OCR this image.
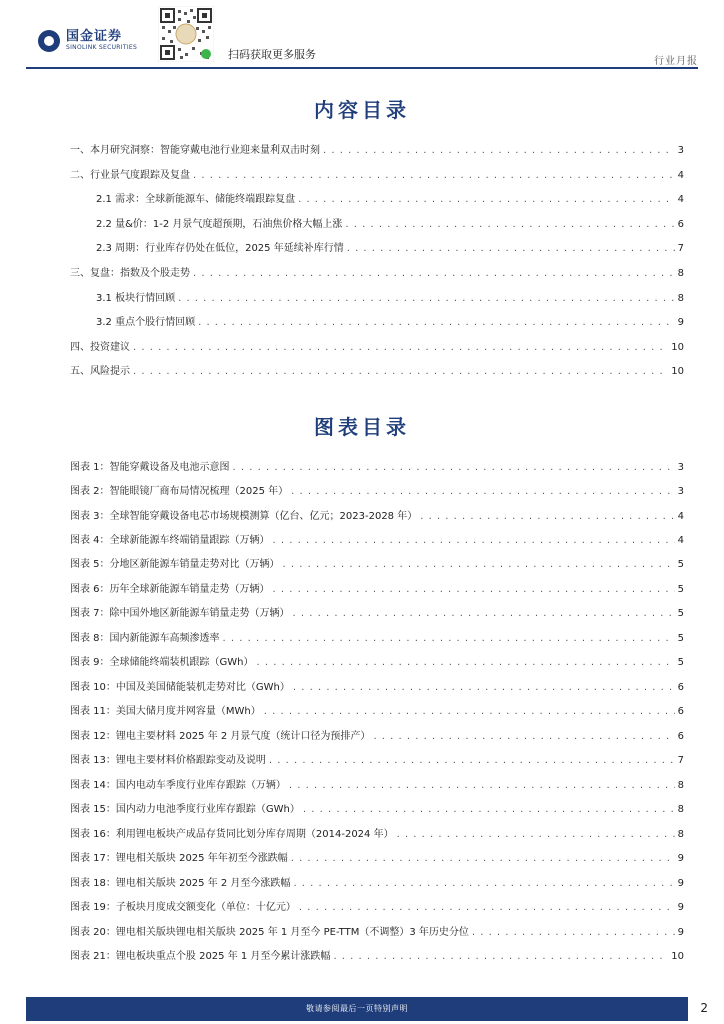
国金证券
SINOLINK SECURITIES
扫码获取更多服务
行业月报
内容目录
一、本月研究洞察：智能穿戴电池行业迎来量利双击时刻 . . .	3
二、行业景气度跟踪及复盘 . . .	4
2.1 需求：全球新能源车、储能终端跟踪复盘 . . .	4
2.2 量&价：1-2 月景气度超预期，石油焦价格大幅上涨 . . .	6
2.3 周期：行业库存仍处在低位，2025 年延续补库行情 . . .	7
三、复盘：指数及个股走势 . . .	8
3.1 板块行情回顾 . . .	8
3.2 重点个股行情回顾 . . .	9
四、投资建议 . . .	10
五、风险提示 . . .	10
图表目录
图表 1：智能穿戴设备及电池示意图 . . .	3
图表 2：智能眼镜厂商布局情况梳理（2025 年） . . .	3
图表 3：全球智能穿戴设备电芯市场规模测算（亿台、亿元；2023-2028 年） . . .	4
图表 4：全球新能源车终端销量跟踪（万辆） . . .	4
图表 5：分地区新能源车销量走势对比（万辆） . . .	5
图表 6：历年全球新能源车销量走势（万辆） . . .	5
图表 7：除中国外地区新能源车销量走势（万辆） . . .	5
图表 8：国内新能源车高频渗透率 . . .	5
图表 9：全球储能终端装机跟踪（GWh） . . .	5
图表 10：中国及美国储能装机走势对比（GWh） . . .	6
图表 11：美国大储月度并网容量（MWh） . . .	6
图表 12：锂电主要材料 2025 年 2 月景气度（统计口径为预排产） . . .	6
图表 13：锂电主要材料价格跟踪变动及说明 . . .	7
图表 14：国内电动车季度行业库存跟踪（万辆） . . .	8
图表 15：国内动力电池季度行业库存跟踪（GWh） . . .	8
图表 16：利用锂电板块产成品存货同比划分库存周期（2014-2024 年） . . .	8
图表 17：锂电相关版块 2025 年年初至今涨跌幅 . . .	9
图表 18：锂电相关版块 2025 年 2 月至今涨跌幅 . . .	9
图表 19：子板块月度成交额变化（单位：十亿元） . . .	9
图表 20：锂电相关版块锂电相关版块 2025 年 1 月至今 PE-TTM（不调整）3 年历史分位 . . .	9
图表 21：锂电板块重点个股 2025 年 1 月至今累计涨跌幅 . . .	10
敬请参阅最后一页特别声明	2
